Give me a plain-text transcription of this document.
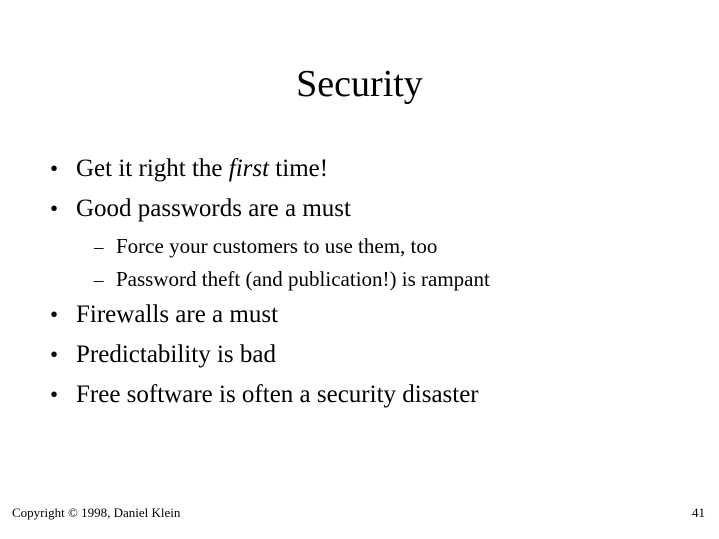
Security
• Get it right the first time!
• Good passwords are a must
– Force your customers to use them, too
– Password theft (and publication!) is rampant
• Firewalls are a must
• Predictability is bad
• Free software is often a security disaster
Copyright © 1998, Daniel Klein	41
